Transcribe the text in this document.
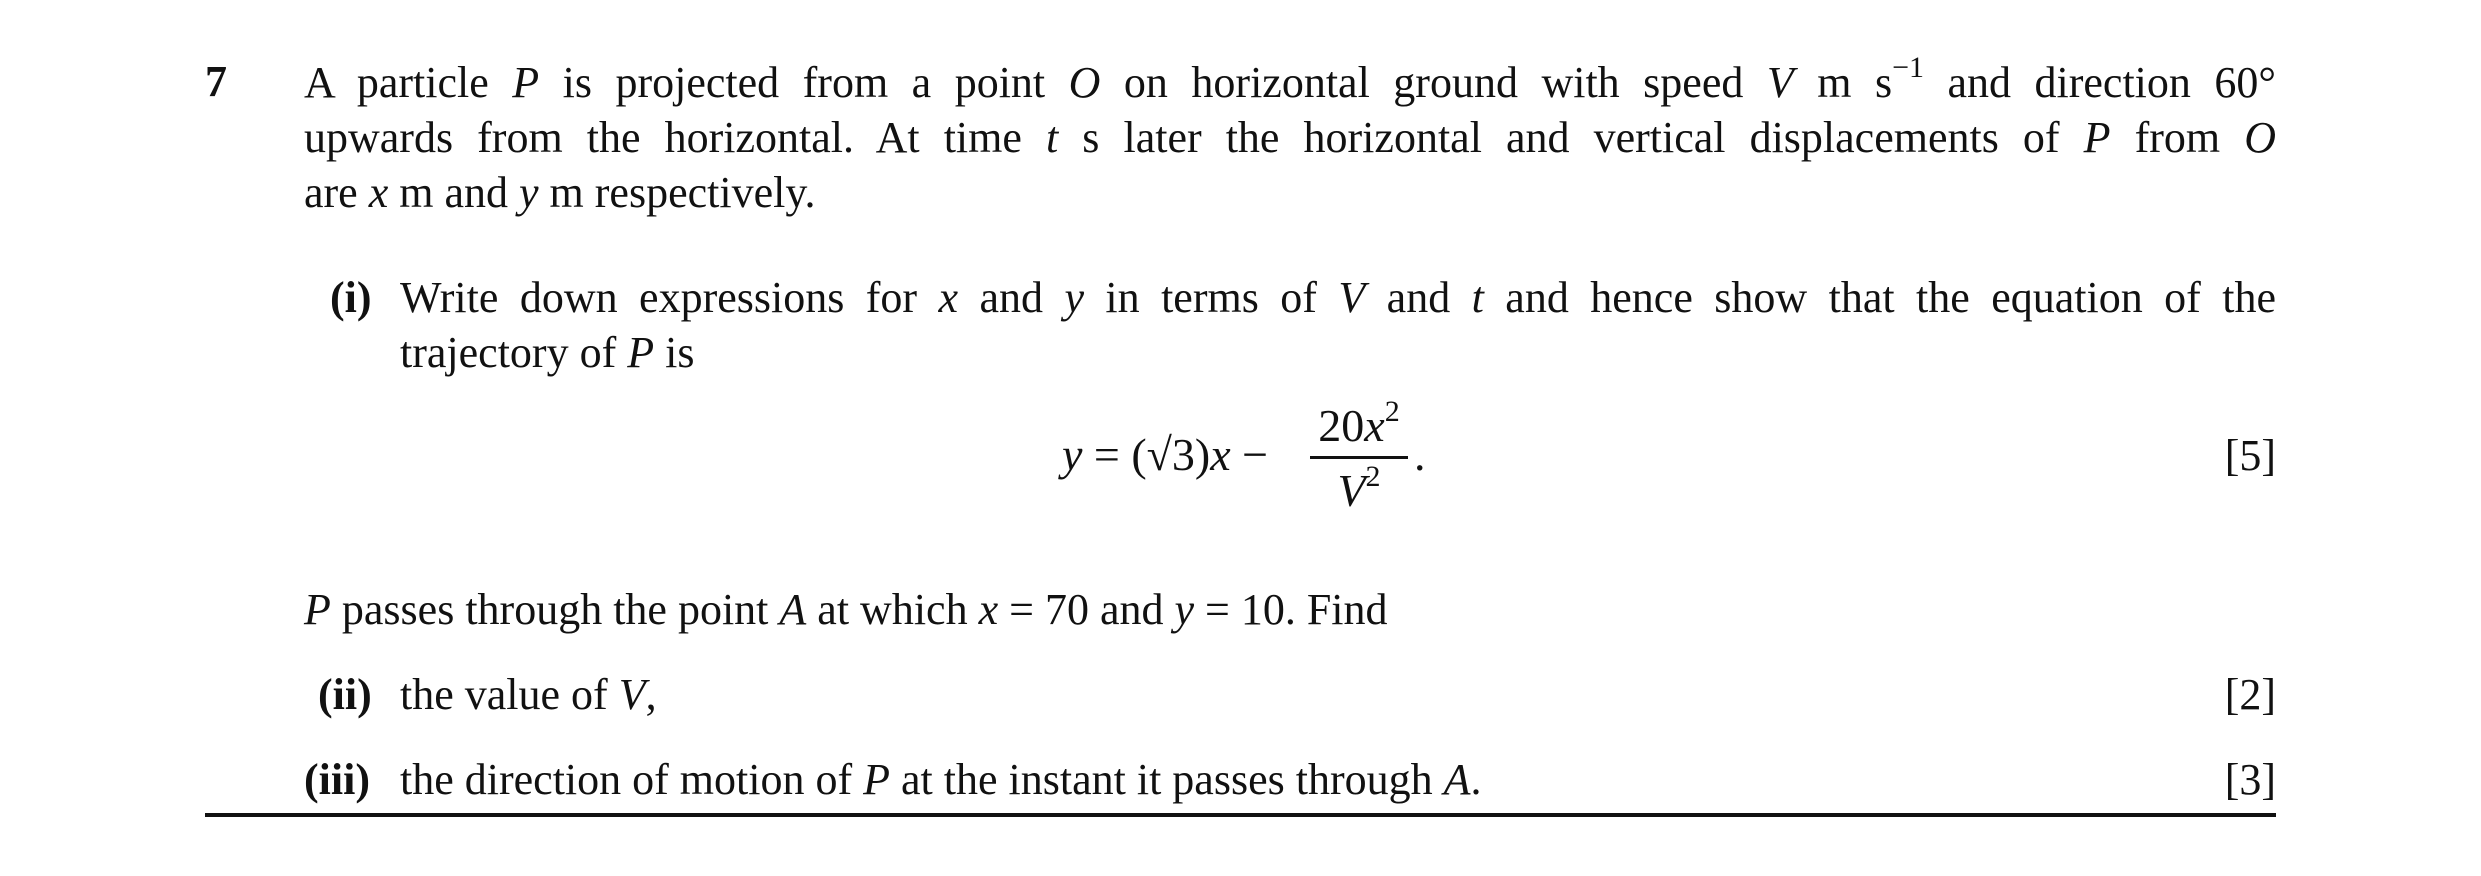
7 A particle P is projected from a point O on horizontal ground with speed V m $s^{-1}$ and direction 60°
upwards from the horizontal. At time t s later the horizontal and vertical displacements of P from O
are x m and y m respectively.
(i) Write down expressions for x and y in terms of V and t and hence show that the equation of the
trajectory of P is
y = (√3)x −
$20x^2$
$V^2$ .	[5]
P passes through the point A at which x = 70 and y = 10. Find
(ii) the value of V,	[2]
(iii) the direction of motion of P at the instant it passes through A.	[3]
